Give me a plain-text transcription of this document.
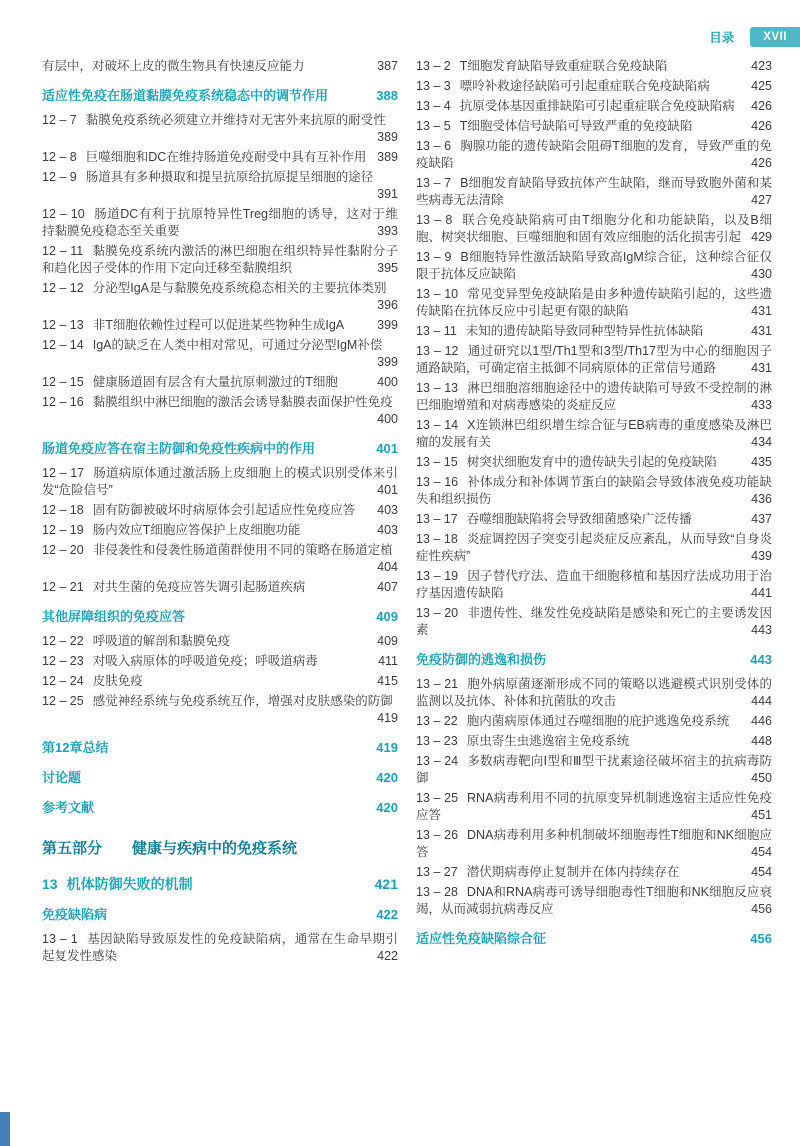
目录	XVII
有层中，对破坏上皮的微生物具有快速反应能力	387
适应性免疫在肠道黏膜免疫系统稳态中的调节作用	388
12 – 7 黏膜免疫系统必须建立并维持对无害外来抗原的耐受性
389
12 – 8 巨噬细胞和DC在维持肠道免疫耐受中具有互补作用 389
12 – 9 肠道具有多种摄取和提呈抗原给抗原提呈细胞的途径
391
12 – 10 肠道DC有利于抗原特异性Treg细胞的诱导，这对于维持黏膜免疫稳态至关重要	393
12 – 11 黏膜免疫系统内激活的淋巴细胞在组织特异性黏附分子和趋化因子受体的作用下定向迁移至黏膜组织	395
12 – 12 分泌型IgA是与黏膜免疫系统稳态相关的主要抗体类别
396
12 – 13 非T细胞依赖性过程可以促进某些物种生成IgA	399
12 – 14 IgA的缺乏在人类中相对常见，可通过分泌型IgM补偿
399
12 – 15 健康肠道固有层含有大量抗原刺激过的T细胞	400
12 – 16 黏膜组织中淋巴细胞的激活会诱导黏膜表面保护性免疫
400
肠道免疫应答在宿主防御和免疫性疾病中的作用	401
12 – 17 肠道病原体通过激活肠上皮细胞上的模式识别受体来引发“危险信号”	401
12 – 18 固有防御被破坏时病原体会引起适应性免疫应答 403
12 – 19 肠内效应T细胞应答保护上皮细胞功能	403
12 – 20 非侵袭性和侵袭性肠道菌群使用不同的策略在肠道定植
404
12 – 21 对共生菌的免疫应答失调引起肠道疾病	407
其他屏障组织的免疫应答	409
12 – 22 呼吸道的解剖和黏膜免疫	409
12 – 23 对吸入病原体的呼吸道免疫；呼吸道病毒	411
12 – 24 皮肤免疫	415
12 – 25 感觉神经系统与免疫系统互作，增强对皮肤感染的防御
419
第12章总结	419
讨论题	420
参考文献	420
第五部分　　健康与疾病中的免疫系统
13 机体防御失败的机制	421
免疫缺陷病	422
13 – 1 基因缺陷导致原发性的免疫缺陷病，通常在生命早期引起复发性感染	422
13 – 2 T细胞发育缺陷导致重症联合免疫缺陷	423
13 – 3 嘌呤补救途径缺陷可引起重症联合免疫缺陷病	425
13 – 4 抗原受体基因重排缺陷可引起重症联合免疫缺陷病 426
13 – 5 T细胞受体信号缺陷可导致严重的免疫缺陷	426
13 – 6 胸腺功能的遗传缺陷会阻碍T细胞的发育，导致严重的免疫缺陷	426
13 – 7 B细胞发育缺陷导致抗体产生缺陷，继而导致胞外菌和某些病毒无法清除	427
13 – 8 联合免疫缺陷病可由T细胞分化和功能缺陷，以及B细胞、树突状细胞、巨噬细胞和固有效应细胞的活化损害引起 429
13 – 9 B细胞特异性激活缺陷导致高IgM综合征，这种综合征仅限于抗体反应缺陷	430
13 – 10 常见变异型免疫缺陷是由多种遗传缺陷引起的，这些遗传缺陷在抗体反应中引起更有限的缺陷	431
13 – 11 未知的遗传缺陷导致同种型特异性抗体缺陷	431
13 – 12 通过研究以1型/Th1型和3型/Th17型为中心的细胞因子通路缺陷，可确定宿主抵御不同病原体的正常信号通路	431
13 – 13 淋巴细胞溶细胞途径中的遗传缺陷可导致不受控制的淋巴细胞增殖和对病毒感染的炎症反应	433
13 – 14 X连锁淋巴组织增生综合征与EB病毒的重度感染及淋巴瘤的发展有关	434
13 – 15 树突状细胞发育中的遗传缺失引起的免疫缺陷	435
13 – 16 补体成分和补体调节蛋白的缺陷会导致体液免疫功能缺失和组织损伤	436
13 – 17 吞噬细胞缺陷将会导致细菌感染广泛传播	437
13 – 18 炎症调控因子突变引起炎症反应紊乱，从而导致“自身炎症性疾病”	439
13 – 19 因子替代疗法、造血干细胞移植和基因疗法成功用于治疗基因遗传缺陷	441
13 – 20 非遗传性、继发性免疫缺陷是感染和死亡的主要诱发因素	443
免疫防御的逃逸和损伤	443
13 – 21 胞外病原菌逐渐形成不同的策略以逃避模式识别受体的监测以及抗体、补体和抗菌肽的攻击	444
13 – 22 胞内菌病原体通过吞噬细胞的庇护逃逸免疫系统 446
13 – 23 原虫寄生虫逃逸宿主免疫系统	448
13 – 24 多数病毒靶向Ⅰ型和Ⅲ型干扰素途径破坏宿主的抗病毒防御	450
13 – 25 RNA病毒利用不同的抗原变异机制逃逸宿主适应性免疫应答	451
13 – 26 DNA病毒利用多种机制破坏细胞毒性T细胞和NK细胞应答	454
13 – 27 潜伏期病毒停止复制并在体内持续存在	454
13 – 28 DNA和RNA病毒可诱导细胞毒性T细胞和NK细胞反应衰竭，从而减弱抗病毒反应	456
适应性免疫缺陷综合征	456
